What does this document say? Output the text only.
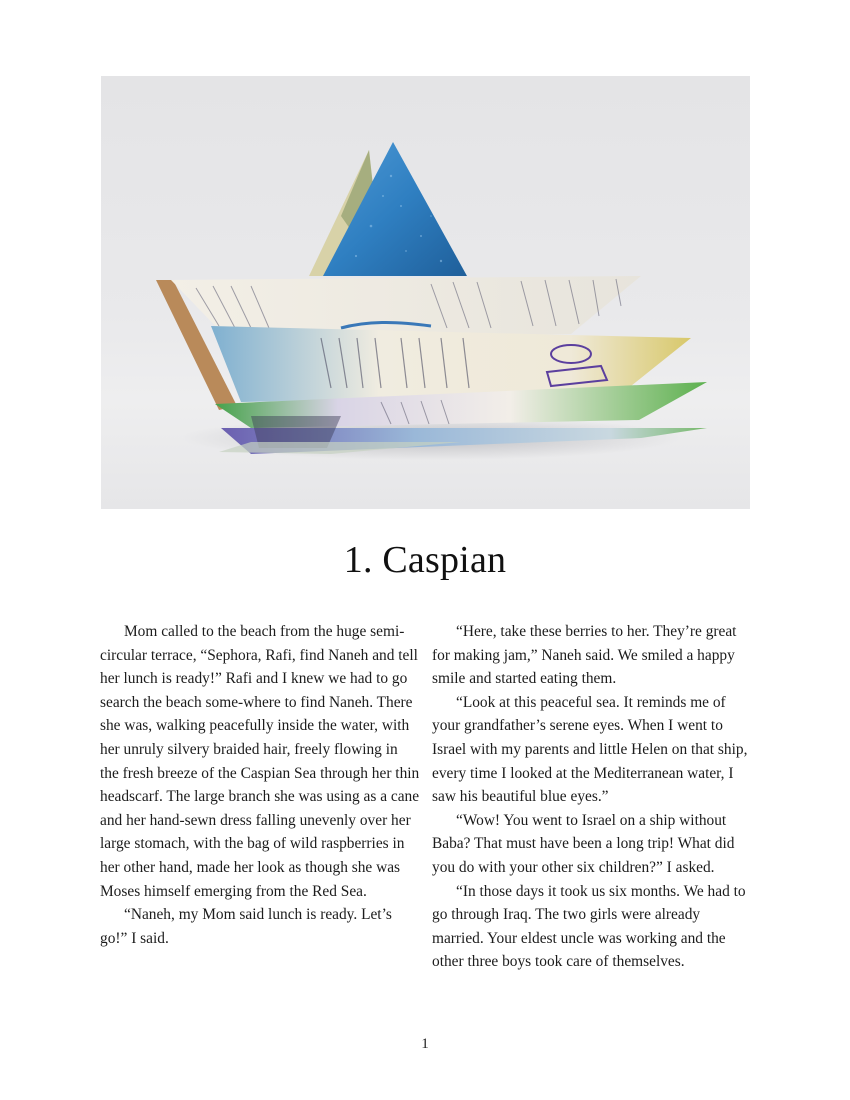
1. Caspian

Mom called to the beach from the huge semi-circular terrace, “Sephora, Rafi, find Naneh and tell her lunch is ready!” Rafi and I knew we had to go search the beach some-where to find Naneh. There she was, walking peacefully inside the water, with her unruly silvery braided hair, freely flowing in the fresh breeze of the Caspian Sea through her thin headscarf. The large branch she was using as a cane and her hand-sewn dress falling unevenly over her large stomach, with the bag of wild raspberries in her other hand, made her look as though she was Moses himself emerging from the Red Sea.

“Naneh, my Mom said lunch is ready. Let’s go!” I said.

“Here, take these berries to her. They’re great for making jam,” Naneh said. We smiled a happy smile and started eating them.

“Look at this peaceful sea. It reminds me of your grandfather’s serene eyes. When I went to Israel with my parents and little Helen on that ship, every time I looked at the Mediterranean water, I saw his beautiful blue eyes.”

“Wow! You went to Israel on a ship without Baba? That must have been a long trip! What did you do with your other six children?” I asked.

“In those days it took us six months. We had to go through Iraq. The two girls were already married. Your eldest uncle was working and the other three boys took care of themselves.

1
